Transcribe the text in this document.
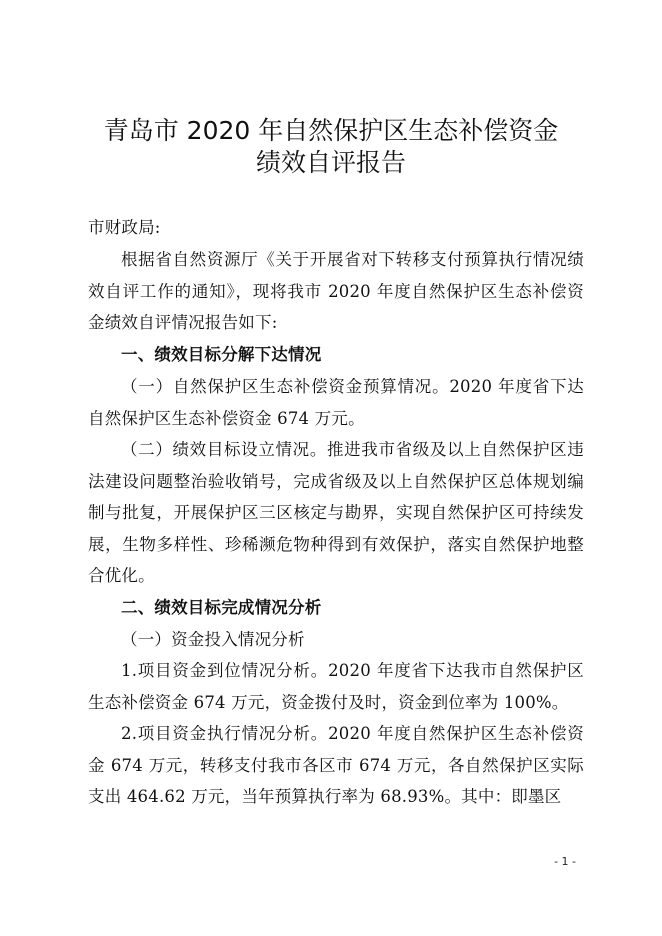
青岛市 2020 年自然保护区生态补偿资金
绩效自评报告

市财政局:

根据省自然资源厅《关于开展省对下转移支付预算执行情况绩效自评工作的通知》，现将我市 2020 年度自然保护区生态补偿资金绩效自评情况报告如下:

一、绩效目标分解下达情况

（一）自然保护区生态补偿资金预算情况。2020 年度省下达自然保护区生态补偿资金 674 万元。

（二）绩效目标设立情况。推进我市省级及以上自然保护区违法建设问题整治验收销号，完成省级及以上自然保护区总体规划编制与批复，开展保护区三区核定与勘界，实现自然保护区可持续发展，生物多样性、珍稀濒危物种得到有效保护，落实自然保护地整合优化。

二、绩效目标完成情况分析

（一）资金投入情况分析

1.项目资金到位情况分析。2020 年度省下达我市自然保护区生态补偿资金 674 万元，资金拨付及时，资金到位率为 100%。

2.项目资金执行情况分析。2020 年度自然保护区生态补偿资金 674 万元，转移支付我市各区市 674 万元，各自然保护区实际支出 464.62 万元，当年预算执行率为 68.93%。其中：即墨区

- 1 -
